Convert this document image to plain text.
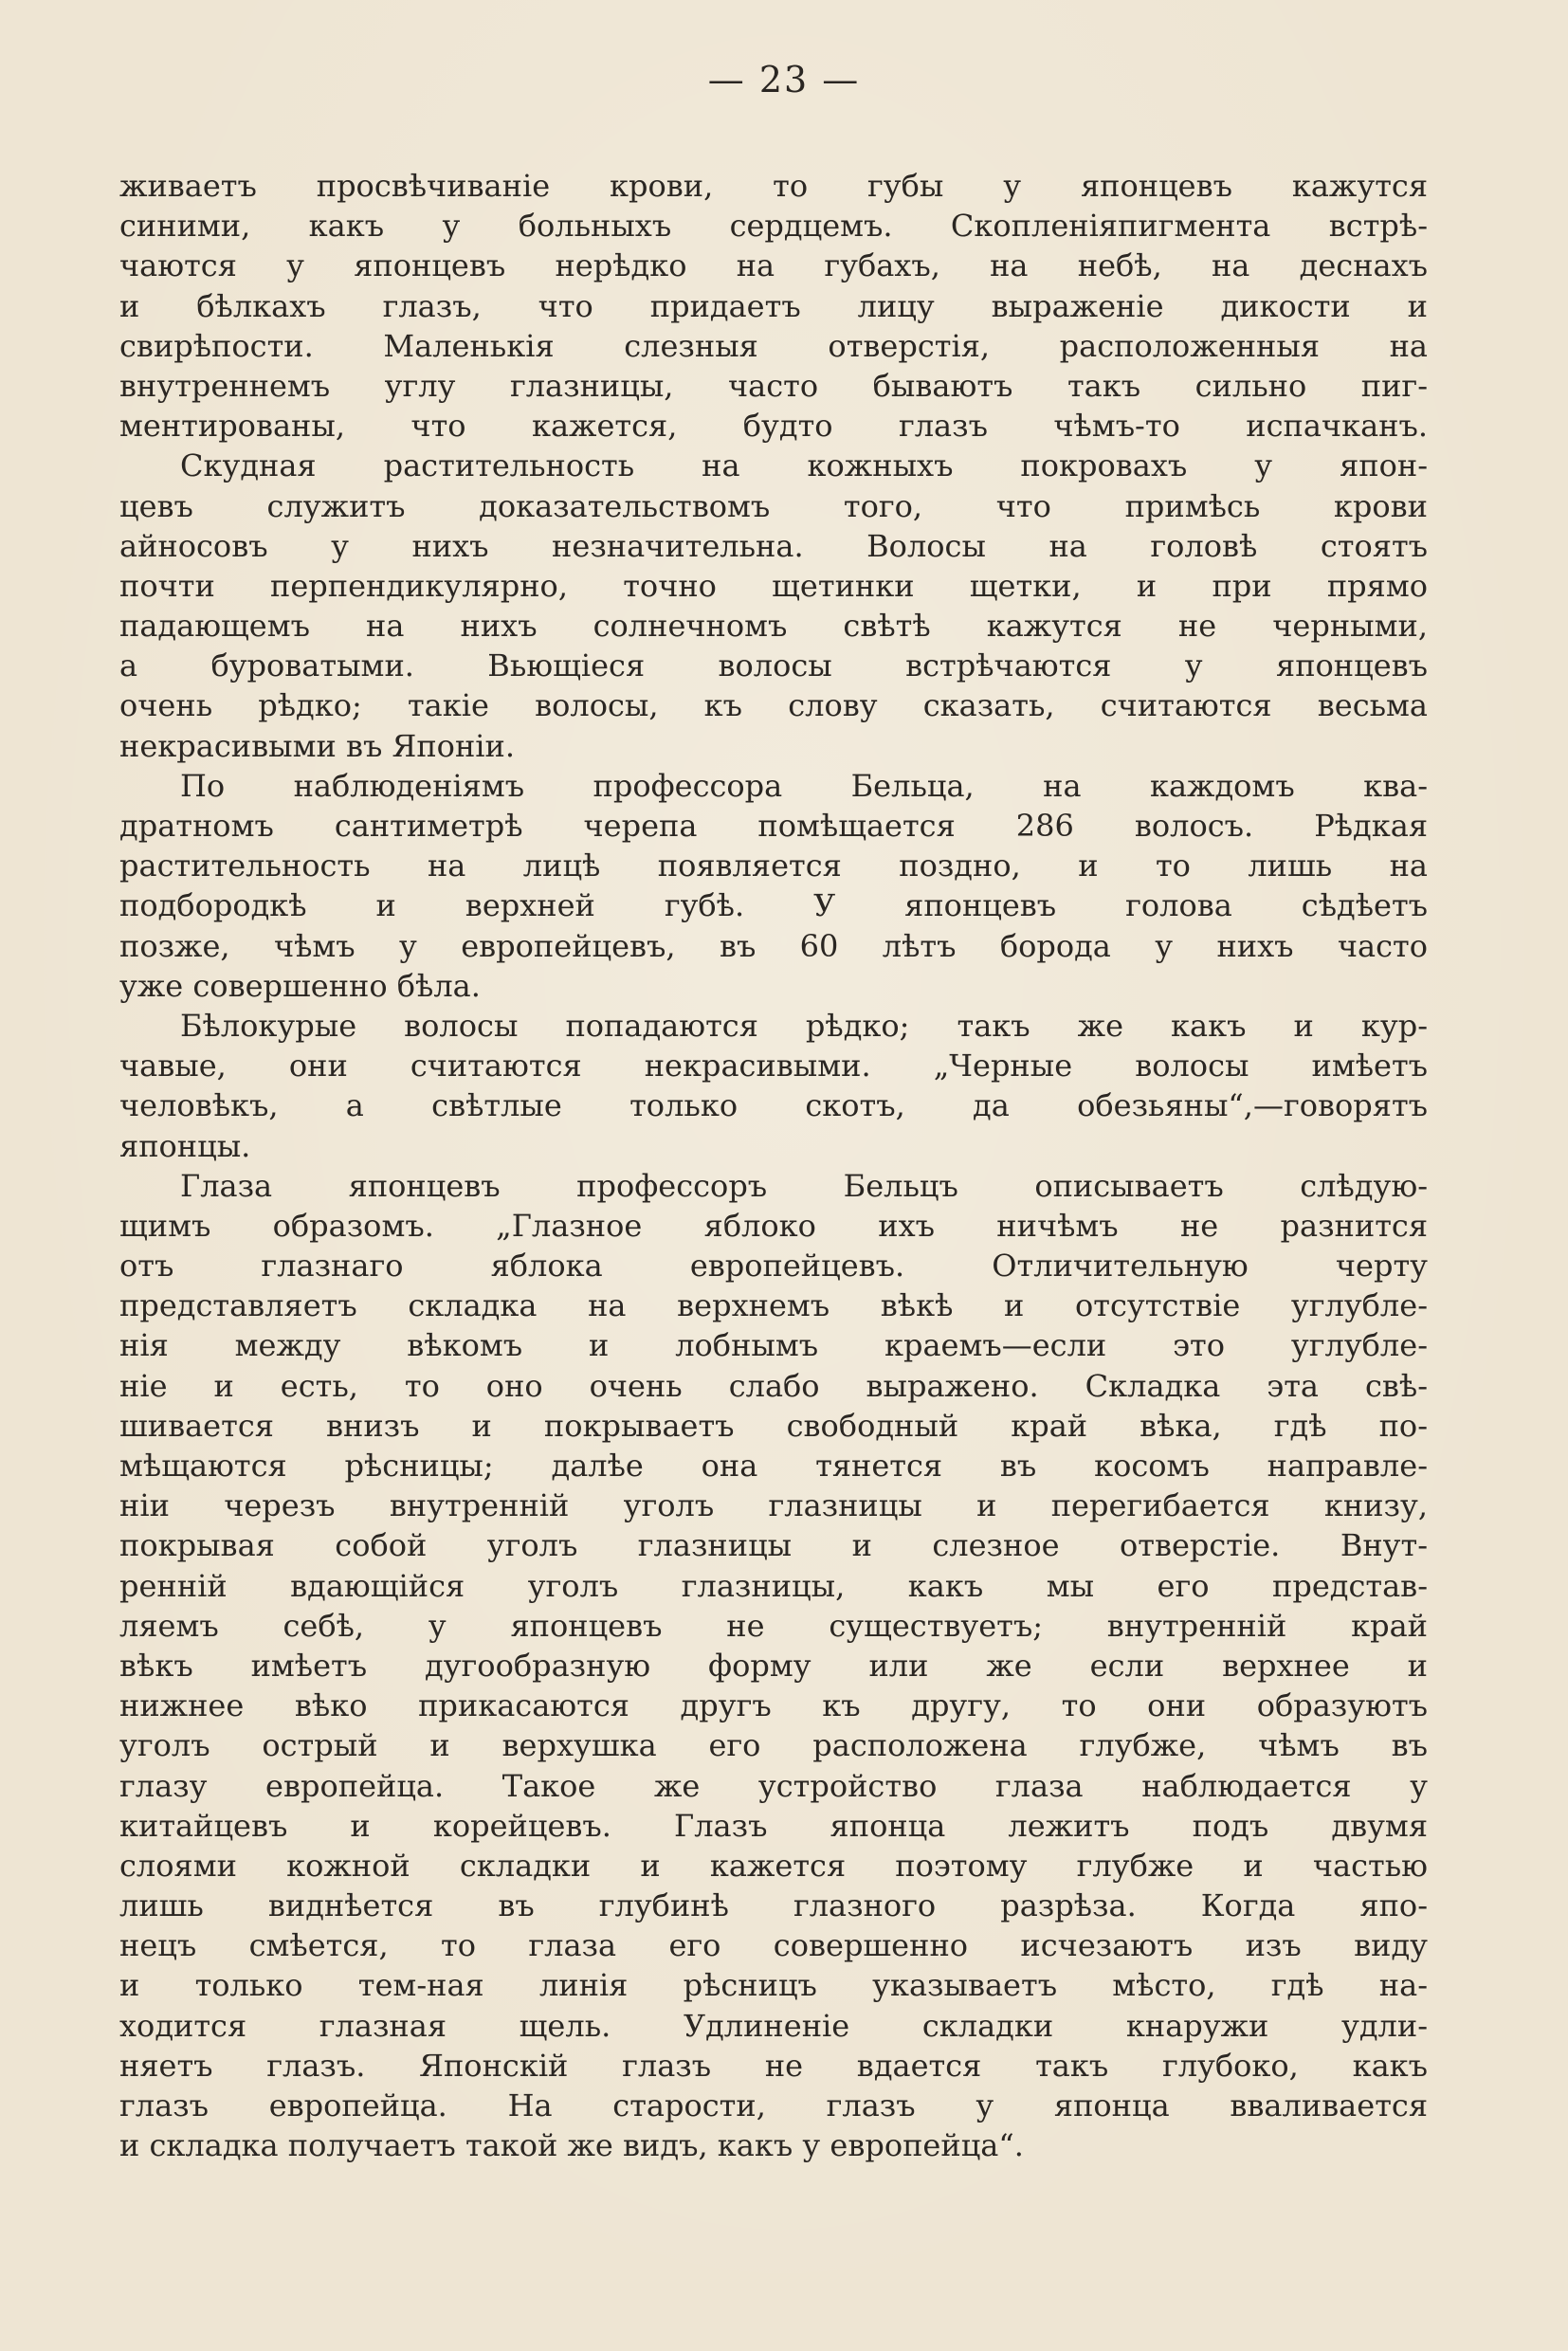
— 23 —
живаетъ просвѣчиванiе крови, то губы у японцевъ кажутся
синими, какъ у больныхъ сердцемъ. Скопленiяпигмента встрѣ-
чаются у японцевъ нерѣдко на губахъ, на небѣ, на деснахъ
и бѣлкахъ глазъ, что придаетъ лицу выраженiе дикости и
свирѣпости. Маленькiя слезныя отверстiя, расположенныя на
внутреннемъ углу глазницы, часто бываютъ такъ сильно пиг-
ментированы, что кажется, будто глазъ чѣмъ-то испачканъ.
Скудная растительность на кожныхъ покровахъ у япон-
цевъ служитъ доказательствомъ того, что примѣсь крови
айносовъ у нихъ незначительна. Волосы на головѣ стоятъ
почти перпендикулярно, точно щетинки щетки, и при прямо
падающемъ на нихъ солнечномъ свѣтѣ кажутся не черными,
а буроватыми. Вьющiеся волосы встрѣчаются у японцевъ
очень рѣдко; такiе волосы, къ слову сказать, считаются весьма
некрасивыми въ Японiи.
По наблюденiямъ профессора Бельца, на каждомъ ква-
дратномъ сантиметрѣ черепа помѣщается 286 волосъ. Рѣдкая
растительность на лицѣ появляется поздно, и то лишь на
подбородкѣ и верхней губѣ. У японцевъ голова сѣдѣетъ
позже, чѣмъ у европейцевъ, въ 60 лѣтъ борода у нихъ часто
уже совершенно бѣла.
Бѣлокурые волосы попадаются рѣдко; такъ же какъ и кур-
чавые, они считаются некрасивыми. „Черные волосы имѣетъ
человѣкъ, а свѣтлые только скотъ, да обезьяны“,—говорятъ
японцы.
Глаза японцевъ профессоръ Бельцъ описываетъ слѣдую-
щимъ образомъ. „Глазное яблоко ихъ ничѣмъ не разнится
отъ глазнаго яблока европейцевъ. Отличительную черту
представляетъ складка на верхнемъ вѣкѣ и отсутствiе углубле-
нiя между вѣкомъ и лобнымъ краемъ—если это углубле-
нiе и есть, то оно очень слабо выражено. Складка эта свѣ-
шивается внизъ и покрываетъ свободный край вѣка, гдѣ по-
мѣщаются рѣсницы; далѣе она тянется въ косомъ направле-
нiи черезъ внутреннiй уголъ глазницы и перегибается книзу,
покрывая собой уголъ глазницы и слезное отверстiе. Внут-
реннiй вдающiйся уголъ глазницы, какъ мы его представ-
ляемъ себѣ, у японцевъ не существуетъ; внутреннiй край
вѣкъ имѣетъ дугообразную форму или же если верхнее и
нижнее вѣко прикасаются другъ къ другу, то они образуютъ
уголъ острый и верхушка его расположена глубже, чѣмъ въ
глазу европейца. Такое же устройство глаза наблюдается у
китайцевъ и корейцевъ. Глазъ японца лежитъ подъ двумя
слоями кожной складки и кажется поэтому глубже и частью
лишь виднѣется въ глубинѣ глазного разрѣза. Когда япо-
нецъ смѣется, то глаза его совершенно исчезаютъ изъ виду
и только тем-ная линiя рѣсницъ указываетъ мѣсто, гдѣ на-
ходится глазная щель. Удлиненiе складки кнаружи удли-
няетъ глазъ. Японскiй глазъ не вдается такъ глубоко, какъ
глазъ европейца. На старости, глазъ у японца вваливается
и складка получаетъ такой же видъ, какъ у европейца“.
